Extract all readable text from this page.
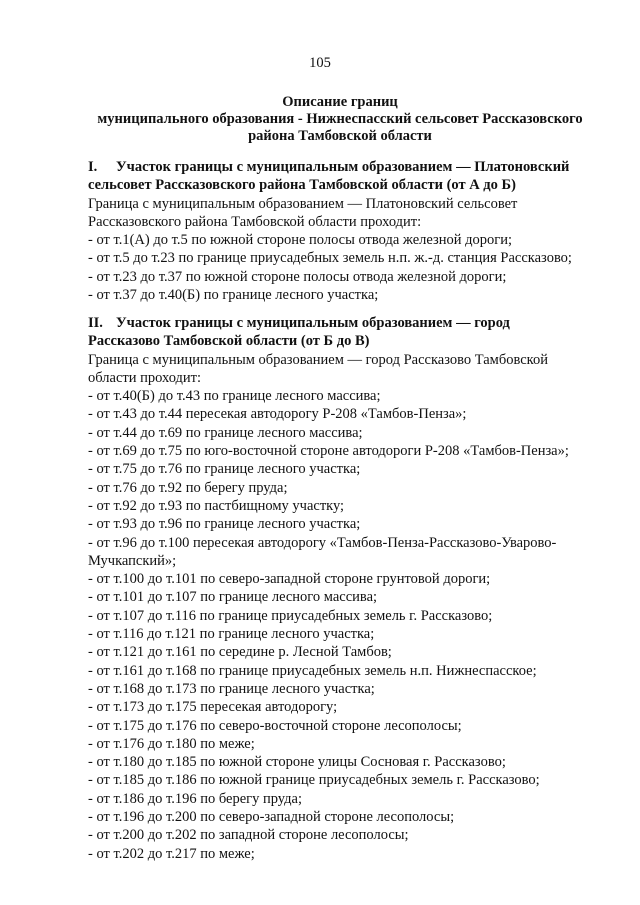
105
Описание границ
муниципального образования - Нижнеспасский сельсовет Рассказовского
района Тамбовской области
I. Участок границы с муниципальным образованием — Платоновский
сельсовет Рассказовского района Тамбовской области (от А до Б)
Граница с муниципальным образованием — Платоновский сельсовет
Рассказовского района Тамбовской области проходит:
- от т.1(А) до т.5 по южной стороне полосы отвода железной дороги;
- от т.5 до т.23 по границе приусадебных земель н.п. ж.-д. станция Рассказово;
- от т.23 до т.37 по южной стороне полосы отвода железной дороги;
- от т.37 до т.40(Б) по границе лесного участка;
II. Участок границы с муниципальным образованием — город
Рассказово Тамбовской области (от Б до В)
Граница с муниципальным образованием — город Рассказово Тамбовской
области проходит:
- от т.40(Б) до т.43 по границе лесного массива;
- от т.43 до т.44 пересекая автодорогу Р-208 «Тамбов-Пенза»;
- от т.44 до т.69 по границе лесного массива;
- от т.69 до т.75 по юго-восточной стороне автодороги Р-208 «Тамбов-Пенза»;
- от т.75 до т.76 по границе лесного участка;
- от т.76 до т.92 по берегу пруда;
- от т.92 до т.93 по пастбищному участку;
- от т.93 до т.96 по границе лесного участка;
- от т.96 до т.100 пересекая автодорогу «Тамбов-Пенза-Рассказово-Уварово-Мучкапский»;
- от т.100 до т.101 по северо-западной стороне грунтовой дороги;
- от т.101 до т.107 по границе лесного массива;
- от т.107 до т.116 по границе приусадебных земель г. Рассказово;
- от т.116 до т.121 по границе лесного участка;
- от т.121 до т.161 по середине р. Лесной Тамбов;
- от т.161 до т.168 по границе приусадебных земель н.п. Нижнеспасское;
- от т.168 до т.173 по границе лесного участка;
- от т.173 до т.175 пересекая автодорогу;
- от т.175 до т.176 по северо-восточной стороне лесополосы;
- от т.176 до т.180 по меже;
- от т.180 до т.185 по южной стороне улицы Сосновая г. Рассказово;
- от т.185 до т.186 по южной границе приусадебных земель г. Рассказово;
- от т.186 до т.196 по берегу пруда;
- от т.196 до т.200 по северо-западной стороне лесополосы;
- от т.200 до т.202 по западной стороне лесополосы;
- от т.202 до т.217 по меже;
